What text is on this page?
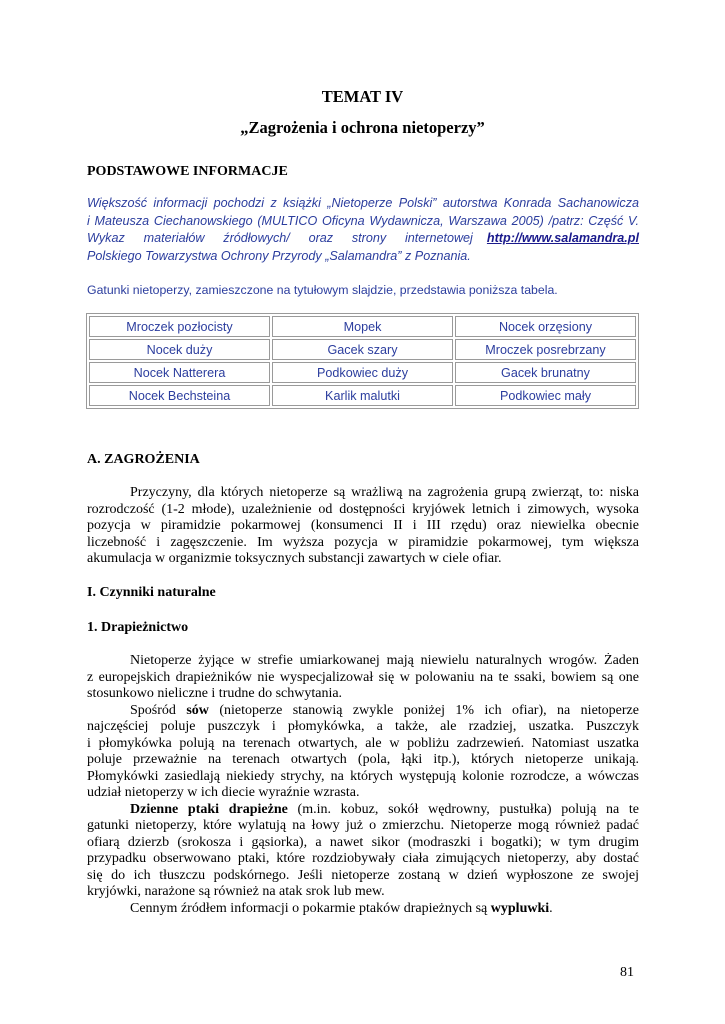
TEMAT IV
„Zagrożenia i ochrona nietoperzy”
PODSTAWOWE INFORMACJE
Większość informacji pochodzi z książki „Nietoperze Polski” autorstwa Konrada Sachanowicza
i Mateusza Ciechanowskiego (MULTICO Oficyna Wydawnicza, Warszawa 2005) /patrz: Część V.
Wykaz materiałów źródłowych/ oraz strony internetowej http://www.salamandra.pl
Polskiego Towarzystwa Ochrony Przyrody „Salamandra” z Poznania.
Gatunki nietoperzy, zamieszczone na tytułowym slajdzie, przedstawia poniższa tabela.
Mroczek pozłocisty	Mopek	Nocek orzęsiony
Nocek duży	Gacek szary	Mroczek posrebrzany
Nocek Natterera	Podkowiec duży	Gacek brunatny
Nocek Bechsteina	Karlik malutki	Podkowiec mały
A. ZAGROŻENIA
Przyczyny, dla których nietoperze są wrażliwą na zagrożenia grupą zwierząt, to: niska
rozrodczość (1-2 młode), uzależnienie od dostępności kryjówek letnich i zimowych, wysoka
pozycja w piramidzie pokarmowej (konsumenci II i III rzędu) oraz niewielka obecnie
liczebność i zagęszczenie. Im wyższa pozycja w piramidzie pokarmowej, tym większa
akumulacja w organizmie toksycznych substancji zawartych w ciele ofiar.
I. Czynniki naturalne
1. Drapieżnictwo
Nietoperze żyjące w strefie umiarkowanej mają niewielu naturalnych wrogów. Żaden
z europejskich drapieżników nie wyspecjalizował się w polowaniu na te ssaki, bowiem są one
stosunkowo nieliczne i trudne do schwytania.
Spośród sów (nietoperze stanowią zwykle poniżej 1% ich ofiar), na nietoperze
najczęściej poluje puszczyk i płomykówka, a także, ale rzadziej, uszatka. Puszczyk
i płomykówka polują na terenach otwartych, ale w pobliżu zadrzewień. Natomiast uszatka
poluje przeważnie na terenach otwartych (pola, łąki itp.), których nietoperze unikają.
Płomykówki zasiedlają niekiedy strychy, na których występują kolonie rozrodcze, a wówczas
udział nietoperzy w ich diecie wyraźnie wzrasta.
Dzienne ptaki drapieżne (m.in. kobuz, sokół wędrowny, pustułka) polują na te
gatunki nietoperzy, które wylatują na łowy już o zmierzchu. Nietoperze mogą również padać
ofiarą dzierzb (srokosza i gąsiorka), a nawet sikor (modraszki i bogatki); w tym drugim
przypadku obserwowano ptaki, które rozdziobywały ciała zimujących nietoperzy, aby dostać
się do ich tłuszczu podskórnego. Jeśli nietoperze zostaną w dzień wypłoszone ze swojej
kryjówki, narażone są również na atak srok lub mew.
Cennym źródłem informacji o pokarmie ptaków drapieżnych są wypluwki.
81
